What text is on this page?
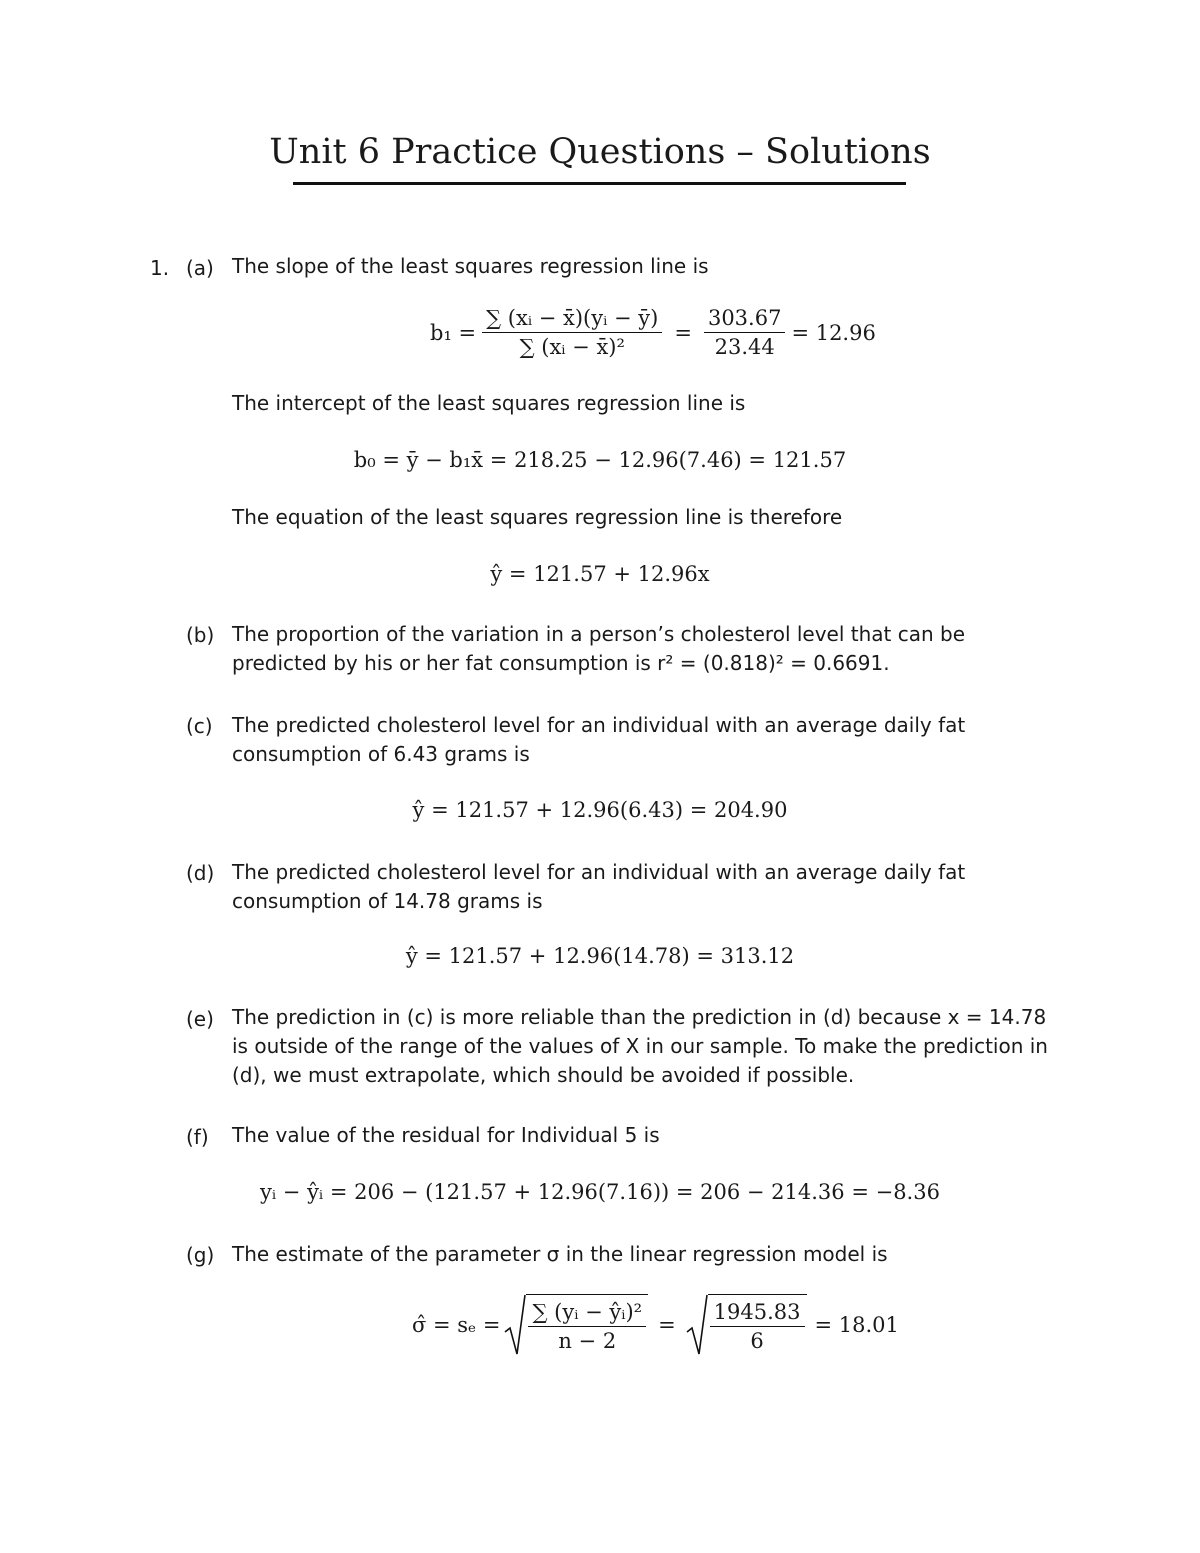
Unit 6 Practice Questions – Solutions
1. (a) The slope of the least squares regression line is
$b_1 = \frac{\text{∑ (xᵢ − x̄)(yᵢ − ȳ)}}{\text{∑ (xᵢ − x̄)²}} = \frac{303.67}{23.44} = 12.96$
The intercept of the least squares regression line is
b₀ = ȳ − b₁x̄ = 218.25 − 12.96(7.46) = 121.57
The equation of the least squares regression line is therefore
ŷ = 121.57 + 12.96x
(b) The proportion of the variation in a person’s cholesterol level that can be predicted by his or her fat consumption is r² = (0.818)² = 0.6691.
(c) The predicted cholesterol level for an individual with an average daily fat consumption of 6.43 grams is
ŷ = 121.57 + 12.96(6.43) = 204.90
(d) The predicted cholesterol level for an individual with an average daily fat consumption of 14.78 grams is
ŷ = 121.57 + 12.96(14.78) = 313.12
(e) The prediction in (c) is more reliable than the prediction in (d) because x = 14.78 is outside of the range of the values of X in our sample. To make the prediction in (d), we must extrapolate, which should be avoided if possible.
(f) The value of the residual for Individual 5 is
yᵢ − ŷᵢ = 206 − (121.57 + 12.96(7.16)) = 206 − 214.36 = −8.36
(g) The estimate of the parameter σ in the linear regression model is
σ̂ = $s_e = \frac{\text{∑ (yᵢ − ŷᵢ)²}}{n - 2} = \frac{1945.83}{6} = 18.01$
